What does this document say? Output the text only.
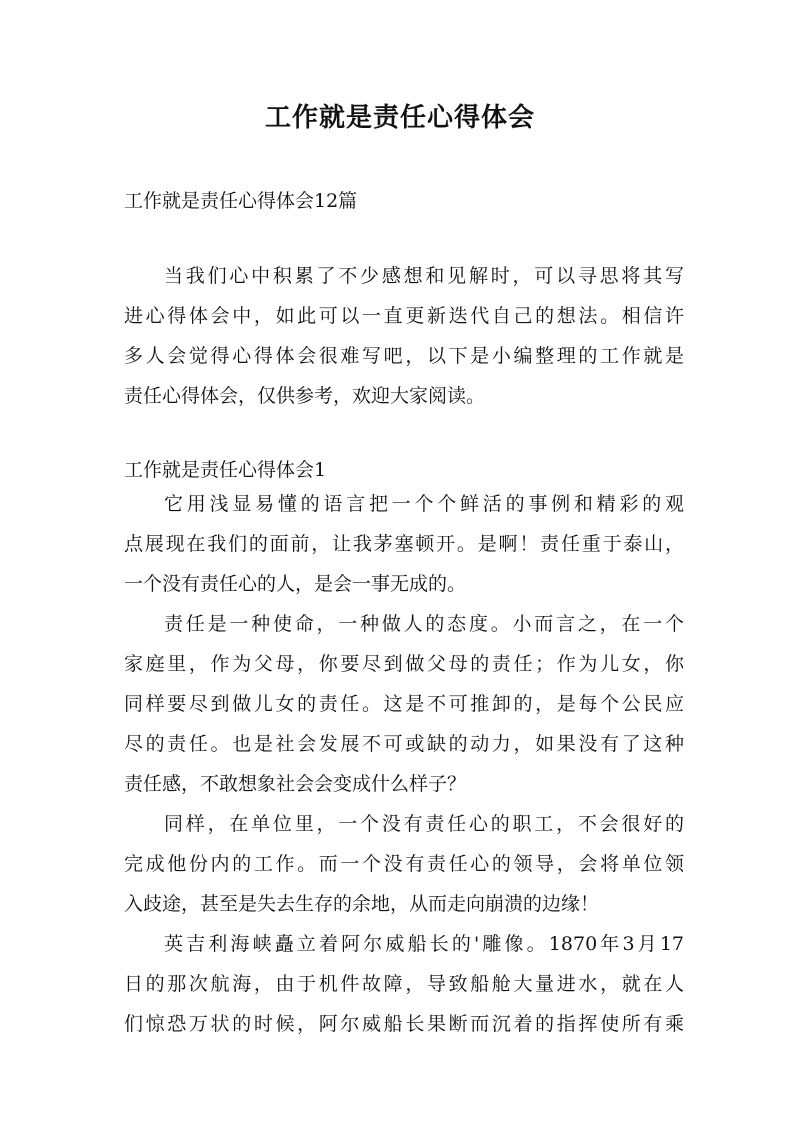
工作就是责任心得体会
工作就是责任心得体会12篇
当我们心中积累了不少感想和见解时，可以寻思将其写
进心得体会中，如此可以一直更新迭代自己的想法。相信许
多人会觉得心得体会很难写吧，以下是小编整理的工作就是
责任心得体会，仅供参考，欢迎大家阅读。
工作就是责任心得体会1
它用浅显易懂的语言把一个个鲜活的事例和精彩的观
点展现在我们的面前，让我茅塞顿开。是啊！责任重于泰山，
一个没有责任心的人，是会一事无成的。
责任是一种使命，一种做人的态度。小而言之，在一个
家庭里，作为父母，你要尽到做父母的责任；作为儿女，你
同样要尽到做儿女的责任。这是不可推卸的，是每个公民应
尽的责任。也是社会发展不可或缺的动力，如果没有了这种
责任感，不敢想象社会会变成什么样子？
同样，在单位里，一个没有责任心的职工，不会很好的
完成他份内的工作。而一个没有责任心的领导，会将单位领
入歧途，甚至是失去生存的余地，从而走向崩溃的边缘！
英吉利海峡矗立着阿尔威船长的'雕像。1870年3月17
日的那次航海，由于机件故障，导致船舱大量进水，就在人
们惊恐万状的时候，阿尔威船长果断而沉着的指挥使所有乘
